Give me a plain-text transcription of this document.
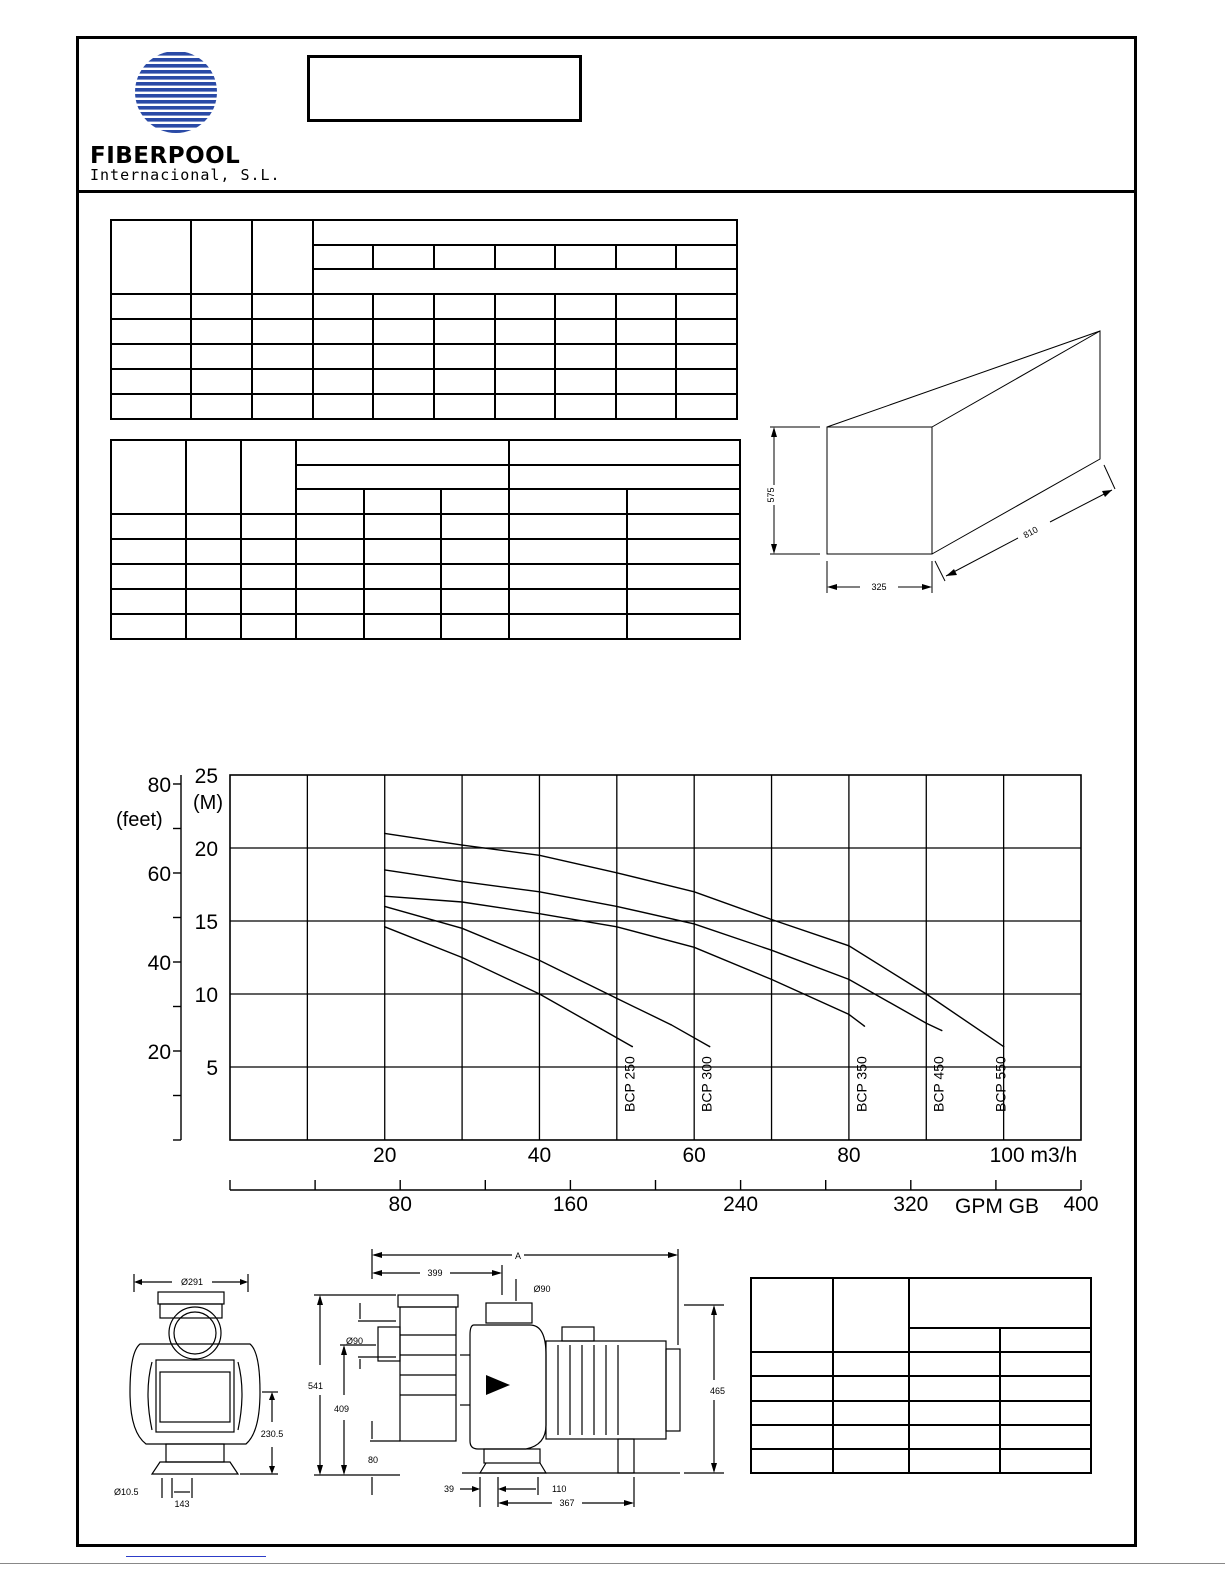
FIBERPOOL
Internacional, S.L.

575
325
810
5
10
15
20
25
(M)
20
40
60
80
(feet)
20	40	60	80	100 m3/h
80	160	240	320	400
GPM GB
BCP 250	BCP 300	BCP 350	BCP 450	BCP 550
Ø291
230.5
Ø10.5
143
A
399
Ø90
Ø90
541
409
80
465
39	110
367
